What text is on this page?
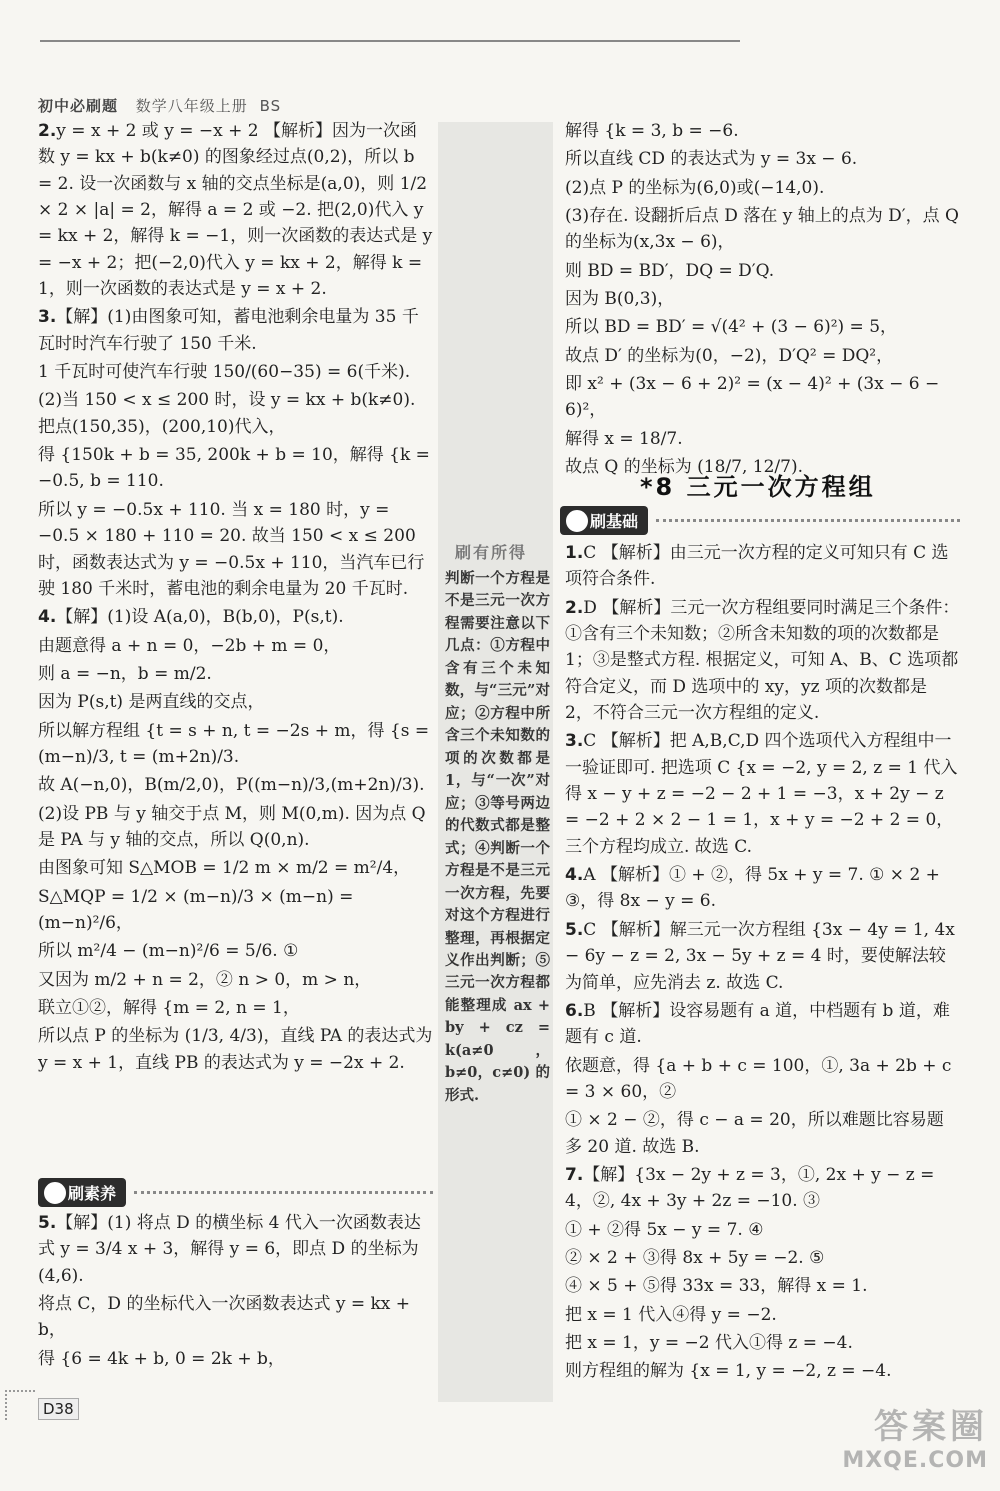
初中必刷题 数学八年级上册 BS
2.y = x + 2 或 y = −x + 2 【解析】因为一次函数 y = kx + b(k≠0) 的图象经过点(0,2)，所以 b = 2. 设一次函数与 x 轴的交点坐标是(a,0)，则 1/2 × 2 × |a| = 2，解得 a = 2 或 −2. 把(2,0)代入 y = kx + 2，解得 k = −1，则一次函数的表达式是 y = −x + 2；把(−2,0)代入 y = kx + 2，解得 k = 1，则一次函数的表达式是 y = x + 2.
3.【解】(1)由图象可知，蓄电池剩余电量为 35 千瓦时时汽车行驶了 150 千米.
1 千瓦时可使汽车行驶 150/(60−35) = 6(千米).
(2)当 150 < x ≤ 200 时，设 y = kx + b(k≠0). 把点(150,35)，(200,10)代入，
得 {150k + b = 35, 200k + b = 10，解得 {k = −0.5, b = 110.
所以 y = −0.5x + 110. 当 x = 180 时，y = −0.5 × 180 + 110 = 20. 故当 150 < x ≤ 200 时，函数表达式为 y = −0.5x + 110，当汽车已行驶 180 千米时，蓄电池的剩余电量为 20 千瓦时.
4.【解】(1)设 A(a,0)，B(b,0)，P(s,t).
由题意得 a + n = 0，−2b + m = 0，
则 a = −n，b = m/2.
因为 P(s,t) 是两直线的交点，
所以解方程组 {t = s + n, t = −2s + m，得 {s = (m−n)/3, t = (m+2n)/3.
故 A(−n,0)，B(m/2,0)，P((m−n)/3,(m+2n)/3).
(2)设 PB 与 y 轴交于点 M，则 M(0,m). 因为点 Q 是 PA 与 y 轴的交点，所以 Q(0,n).
由图象可知 S△MOB = 1/2 m × m/2 = m²/4，
S△MQP = 1/2 × (m−n)/3 × (m−n) = (m−n)²/6，
所以 m²/4 − (m−n)²/6 = 5/6. ①
又因为 m/2 + n = 2，② n > 0，m > n，
联立①②，解得 {m = 2, n = 1，
所以点 P 的坐标为 (1/3, 4/3)，直线 PA 的表达式为 y = x + 1，直线 PB 的表达式为 y = −2x + 2.
刷素养
5.【解】(1) 将点 D 的横坐标 4 代入一次函数表达式 y = 3/4 x + 3，解得 y = 6，即点 D 的坐标为(4,6).
将点 C，D 的坐标代入一次函数表达式 y = kx + b，
得 {6 = 4k + b, 0 = 2k + b，
刷有所得
判断一个方程是不是三元一次方程需要注意以下几点：①方程中含有三个未知数，与“三元”对应；②方程中所含三个未知数的项的次数都是1，与“一次”对应；③等号两边的代数式都是整式；④判断一个方程是不是三元一次方程，先要对这个方程进行整理，再根据定义作出判断；⑤三元一次方程都能整理成 ax + by + cz = k(a≠0，b≠0，c≠0) 的形式.
解得 {k = 3, b = −6.
所以直线 CD 的表达式为 y = 3x − 6.
(2)点 P 的坐标为(6,0)或(−14,0).
(3)存在. 设翻折后点 D 落在 y 轴上的点为 D′，点 Q 的坐标为(x,3x − 6)，
则 BD = BD′，DQ = D′Q.
因为 B(0,3)，
所以 BD = BD′ = √(4² + (3 − 6)²) = 5，
故点 D′ 的坐标为(0，−2)，D′Q² = DQ²，
即 x² + (3x − 6 + 2)² = (x − 4)² + (3x − 6 − 6)²，
解得 x = 18/7.
故点 Q 的坐标为 (18/7, 12/7).
*8 三元一次方程组
刷基础
1.C 【解析】由三元一次方程的定义可知只有 C 选项符合条件.
2.D 【解析】三元一次方程组要同时满足三个条件：①含有三个未知数；②所含未知数的项的次数都是 1；③是整式方程. 根据定义，可知 A、B、C 选项都符合定义，而 D 选项中的 xy，yz 项的次数都是 2，不符合三元一次方程组的定义.
3.C 【解析】把 A,B,C,D 四个选项代入方程组中一一验证即可. 把选项 C {x = −2, y = 2, z = 1 代入得 x − y + z = −2 − 2 + 1 = −3，x + 2y − z = −2 + 2 × 2 − 1 = 1，x + y = −2 + 2 = 0，三个方程均成立. 故选 C.
4.A 【解析】① + ②，得 5x + y = 7. ① × 2 + ③，得 8x − y = 6.
5.C 【解析】解三元一次方程组 {3x − 4y = 1, 4x − 6y − z = 2, 3x − 5y + z = 4 时，要使解法较为简单，应先消去 z. 故选 C.
6.B 【解析】设容易题有 a 道，中档题有 b 道，难题有 c 道.
依题意，得 {a + b + c = 100，①, 3a + 2b + c = 3 × 60，②
① × 2 − ②，得 c − a = 20，所以难题比容易题多 20 道. 故选 B.
7.【解】{3x − 2y + z = 3，①, 2x + y − z = 4，②, 4x + 3y + 2z = −10. ③
① + ②得 5x − y = 7. ④
② × 2 + ③得 8x + 5y = −2. ⑤
④ × 5 + ⑤得 33x = 33，解得 x = 1.
把 x = 1 代入④得 y = −2.
把 x = 1，y = −2 代入①得 z = −4.
则方程组的解为 {x = 1, y = −2, z = −4.
D38	答案圈
MXQE.COM
